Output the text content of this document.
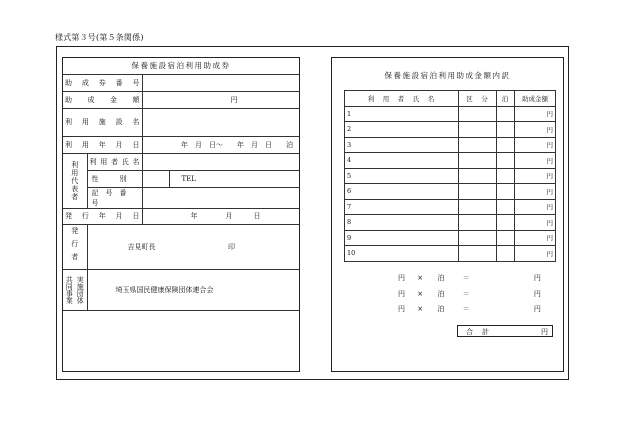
様式第３号(第５条関係)
保養施設宿泊利用助成券			
助　成　券　番　号			
助　　成　　金　　額		円	
利　用　施　設　名			
利　用　年　月　日		年　月　日～　　年　月　日　　泊	
利用代表者	利用者氏名		
	性　　　別		TEL
	記　号　番　号		
発　行　年　月　日		年　　　　月　　　日	
発行者	吉見町長 印		

共同事業 実施団体	埼玉県国民健康保険団体連合会		
保養施設宿泊利用助成金額内訳
利　用　者　氏　名	区　分	泊	助成金額
1			円
2			円
3			円
4			円
5			円
6			円
7			円
8			円
9			円
10			円
円 × 泊	＝	円
円 × 泊	＝	円
円 × 泊	＝	円
合　計	円
